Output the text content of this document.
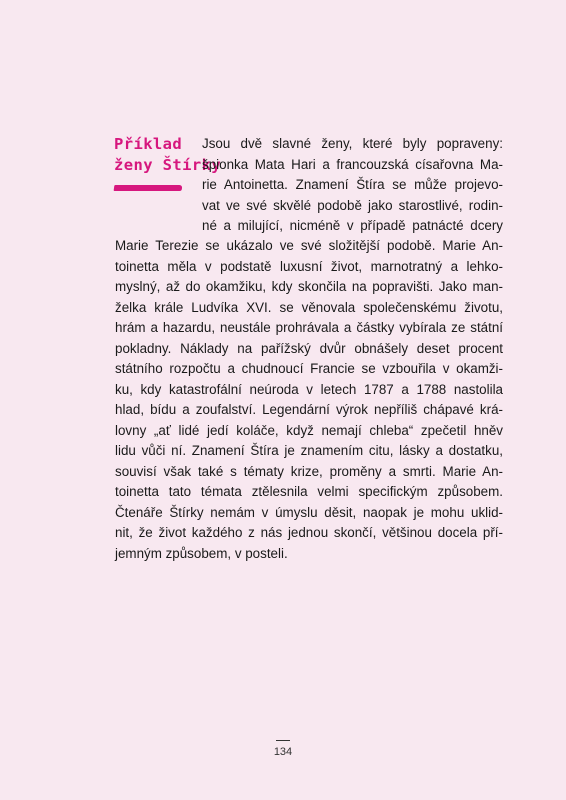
Příklad
ženy Štírky
Jsou dvě slavné ženy, které byly popraveny:
špionka Mata Hari a francouzská císařovna Ma-
rie Antoinetta. Znamení Štíra se může projevo-
vat ve své skvělé podobě jako starostlivé, rodin-
né a milující, nicméně v případě patnácté dcery
Marie Terezie se ukázalo ve své složitější podobě. Marie An-
toinetta měla v podstatě luxusní život, marnotratný a lehko-
myslný, až do okamžiku, kdy skončila na popravišti. Jako man-
želka krále Ludvíka XVI. se věnovala společenskému životu,
hrám a hazardu, neustále prohrávala a částky vybírala ze státní
pokladny. Náklady na pařížský dvůr obnášely deset procent
státního rozpočtu a chudnoucí Francie se vzbouřila v okamži-
ku, kdy katastrofální neúroda v letech 1787 a 1788 nastolila
hlad, bídu a zoufalství. Legendární výrok nepříliš chápavé krá-
lovny „ať lidé jedí koláče, když nemají chleba“ zpečetil hněv
lidu vůči ní. Znamení Štíra je znamením citu, lásky a dostatku,
souvisí však také s tématy krize, proměny a smrti. Marie An-
toinetta tato témata ztělesnila velmi specifickým způsobem.
Čtenáře Štírky nemám v úmyslu děsit, naopak je mohu uklid-
nit, že život každého z nás jednou skončí, většinou docela pří-
jemným způsobem, v posteli.
134
